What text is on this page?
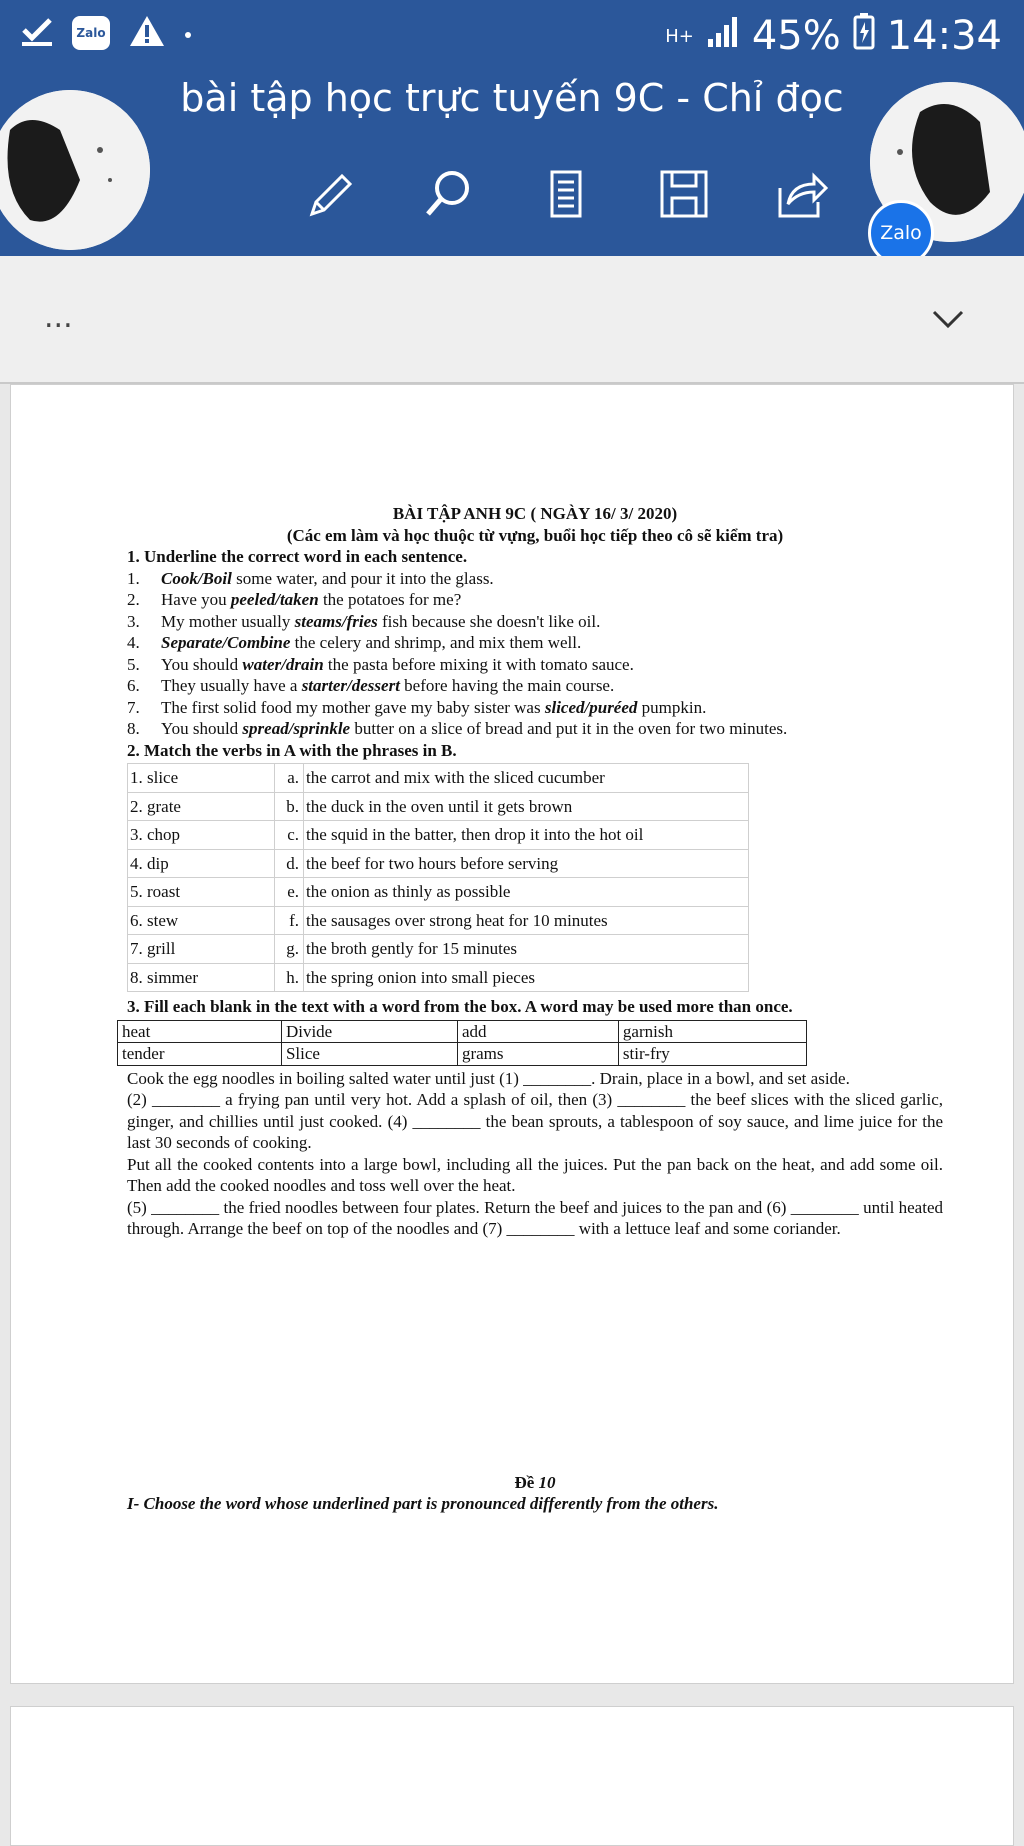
Zalo	H+ 45% 14:34
bài tập học trực tuyến 9C - Chỉ đọc
Zalo
...
BÀI TẬP ANH 9C ( NGÀY 16/ 3/ 2020)
(Các em làm và học thuộc từ vựng, buổi học tiếp theo cô sẽ kiểm tra)
1. Underline the correct word in each sentence.
1.	Cook/Boil some water, and pour it into the glass.
2.	Have you peeled/taken the potatoes for me?
3.	My mother usually steams/fries fish because she doesn't like oil.
4.	Separate/Combine the celery and shrimp, and mix them well.
5.	You should water/drain the pasta before mixing it with tomato sauce.
6.	They usually have a starter/dessert before having the main course.
7.	The first solid food my mother gave my baby sister was sliced/puréed pumpkin.
8.	You should spread/sprinkle butter on a slice of bread and put it in the oven for two minutes.
2. Match the verbs in A with the phrases in B.
1. slice	a.	the carrot and mix with the sliced cucumber
2. grate	b.	the duck in the oven until it gets brown
3. chop	c.	the squid in the batter, then drop it into the hot oil
4. dip	d.	the beef for two hours before serving
5. roast	e.	the onion as thinly as possible
6. stew	f.	the sausages over strong heat for 10 minutes
7. grill	g.	the broth gently for 15 minutes
8. simmer	h.	the spring onion into small pieces
3. Fill each blank in the text with a word from the box. A word may be used more than once.
heat	Divide	add	garnish
tender	Slice	grams	stir-fry
Cook the egg noodles in boiling salted water until just (1) ________. Drain, place in a bowl, and set aside.
(2) ________ a frying pan until very hot. Add a splash of oil, then (3) ________ the beef slices with the sliced garlic, ginger, and chillies until just cooked. (4) ________ the bean sprouts, a tablespoon of soy sauce, and lime juice for the last 30 seconds of cooking.
Put all the cooked contents into a large bowl, including all the juices. Put the pan back on the heat, and add some oil. Then add the cooked noodles and toss well over the heat.
(5) ________ the fried noodles between four plates. Return the beef and juices to the pan and (6) ________ until heated through. Arrange the beef on top of the noodles and (7) ________ with a lettuce leaf and some coriander.
Đề 10
I- Choose the word whose underlined part is pronounced differently from the others.
